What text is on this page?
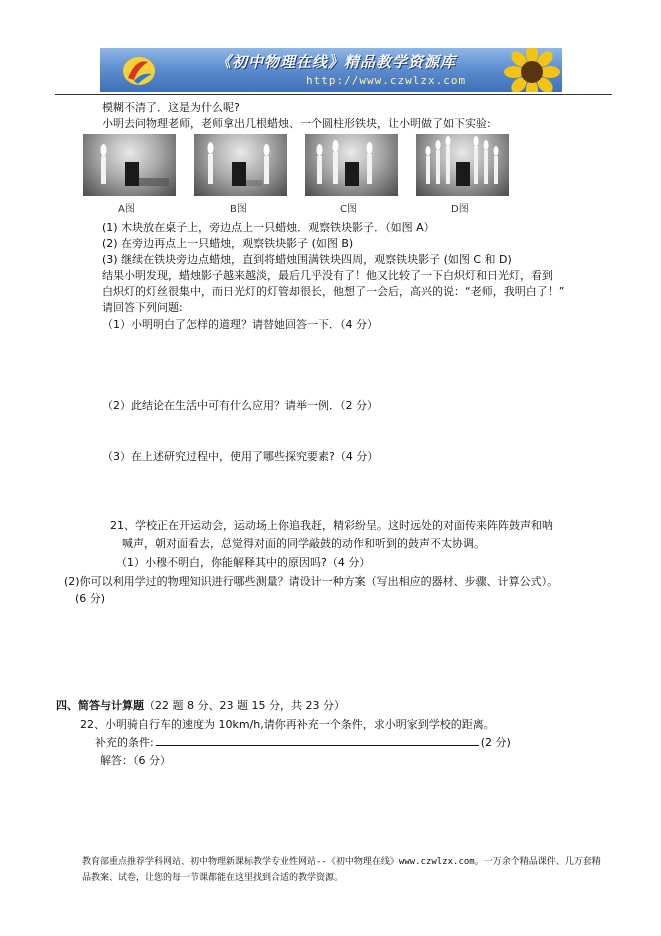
《初中物理在线》精品教学资源库
http://www.czwlzx.com
模糊不清了．这是为什么呢?
小明去问物理老师，老师拿出几根蜡烛、一个圆柱形铁块，让小明做了如下实验:
A图	B图	C图	D图
(1) 木块放在桌子上，旁边点上一只蜡烛．观察铁块影子．（如图 A）
(2) 在旁边再点上一只蜡烛，观察铁块影子 (如图 B)
(3) 继续在铁块旁边点蜡烛，直到将蜡烛围满铁块四周，观察铁块影子 (如图 C 和 D)
结果小明发现，蜡烛影子越来越淡，最后几乎没有了！他又比较了一下白炽灯和日光灯，看到
白炽灯的灯丝很集中，而日光灯的灯管却很长，他想了一会后，高兴的说：“老师，我明白了！”
请回答下列问题:
（1）小明明白了怎样的道理？请替她回答一下．（4 分）
（2）此结论在生活中可有什么应用？请举一例．（2 分）
（3）在上述研究过程中，使用了哪些探究要素?（4 分）
21、学校正在开运动会，运动场上你追我赶，精彩纷呈。这时远处的对面传来阵阵鼓声和呐
喊声，朝对面看去，总觉得对面的同学敲鼓的动作和听到的鼓声不太协调。
（1）小穆不明白，你能解释其中的原因吗?（4 分）
(2)你可以利用学过的物理知识进行哪些测量？请设计一种方案（写出相应的器材、步骤、计算公式）。
(6 分)
四、简答与计算题（22 题 8 分、23 题 15 分，共 23 分）
22、小明骑自行车的速度为 10km/h,请你再补充一个条件，求小明家到学校的距离。
补充的条件:	(2 分)
解答：（6 分）
教育部重点推荐学科网站、初中物理新课标教学专业性网站--《初中物理在线》www.czwlzx.com。一万余个精品课件、几万套精品教案、试卷，让您的每一节课都能在这里找到合适的教学资源。
